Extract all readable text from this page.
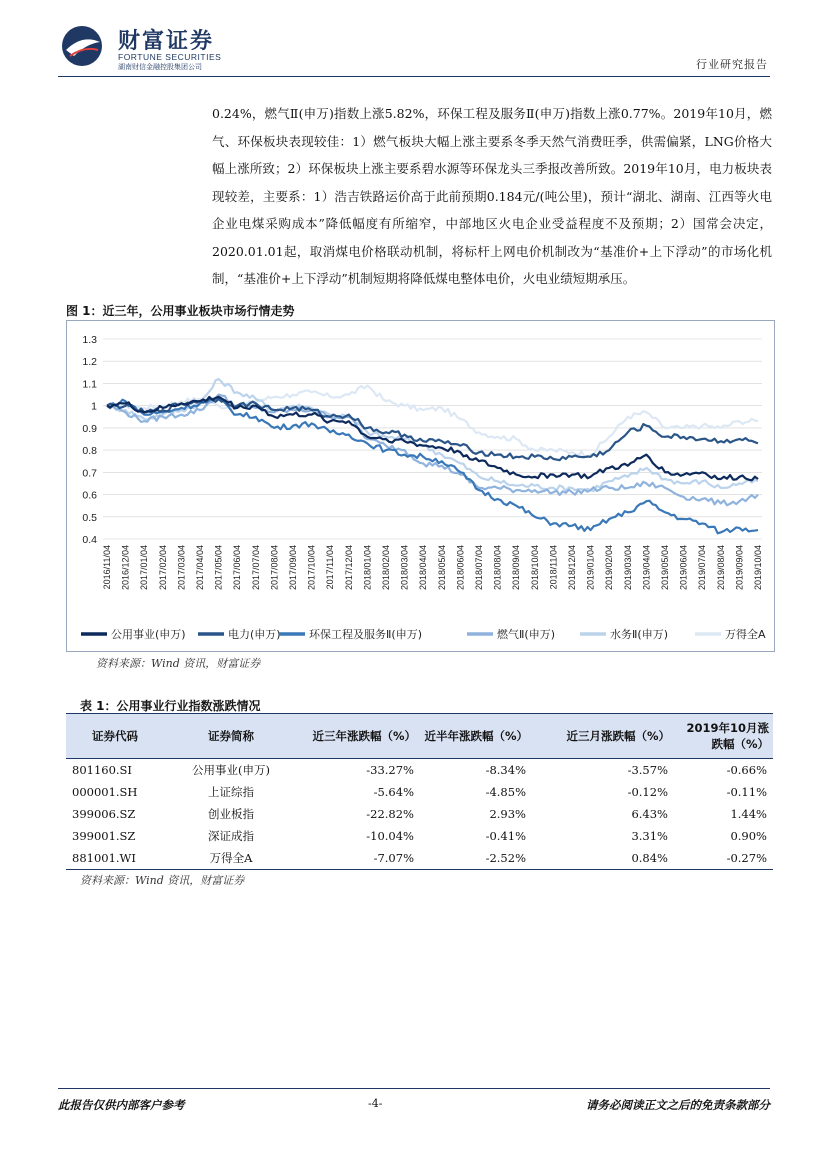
财富证券
FORTUNE SECURITIES
湖南财信金融控股集团公司	行业研究报告

0.24%，燃气Ⅱ(申万)指数上涨5.82%，环保工程及服务Ⅱ(申万)指数上涨0.77%。2019年10月，燃气、环保板块表现较佳：1）燃气板块大幅上涨主要系冬季天然气消费旺季，供需偏紧，LNG价格大幅上涨所致；2）环保板块上涨主要系碧水源等环保龙头三季报改善所致。2019年10月，电力板块表现较差，主要系：1）浩吉铁路运价高于此前预期0.184元/(吨公里)，预计“湖北、湖南、江西等火电企业电煤采购成本”降低幅度有所缩窄，中部地区火电企业受益程度不及预期；2）国常会决定，2020.01.01起，取消煤电价格联动机制，将标杆上网电价机制改为“基准价+上下浮动”的市场化机制，“基准价+上下浮动”机制短期将降低煤电整体电价，火电业绩短期承压。

图 1：近三年，公用事业板块市场行情走势
1.3
1.2
1.1
1
0.9
0.8
0.7
0.6
0.5
0.4
2016/11/04 2016/12/04 2017/01/04 2017/02/04 2017/03/04 2017/04/04 2017/05/04 2017/06/04 2017/07/04 2017/08/04 2017/09/04 2017/10/04 2017/11/04 2017/12/04 2018/01/04 2018/02/04 2018/03/04 2018/04/04 2018/05/04 2018/06/04 2018/07/04 2018/08/04 2018/09/04 2018/10/04 2018/11/04 2018/12/04 2019/01/04 2019/02/04 2019/03/04 2019/04/04 2019/05/04 2019/06/04 2019/07/04 2019/08/04 2019/09/04 2019/10/04
公用事业(申万)	电力(申万)	环保工程及服务Ⅱ(申万)	燃气Ⅱ(申万)	水务Ⅱ(申万)	万得全A
资料来源：Wind 资讯，财富证券
表 1：公用事业行业指数涨跌情况
证券代码	证券简称	近三年涨跌幅（%）	近半年涨跌幅（%）	近三月涨跌幅（%）	2019年10月涨跌幅（%）
801160.SI	公用事业(申万)	-33.27%	-8.34%	-3.57%	-0.66%
000001.SH	上证综指	-5.64%	-4.85%	-0.12%	-0.11%
399006.SZ	创业板指	-22.82%	2.93%	6.43%	1.44%
399001.SZ	深证成指	-10.04%	-0.41%	3.31%	0.90%
881001.WI	万得全A	-7.07%	-2.52%	0.84%	-0.27%
资料来源：Wind 资讯，财富证券
此报告仅供内部客户参考	-4-	请务必阅读正文之后的免责条款部分
